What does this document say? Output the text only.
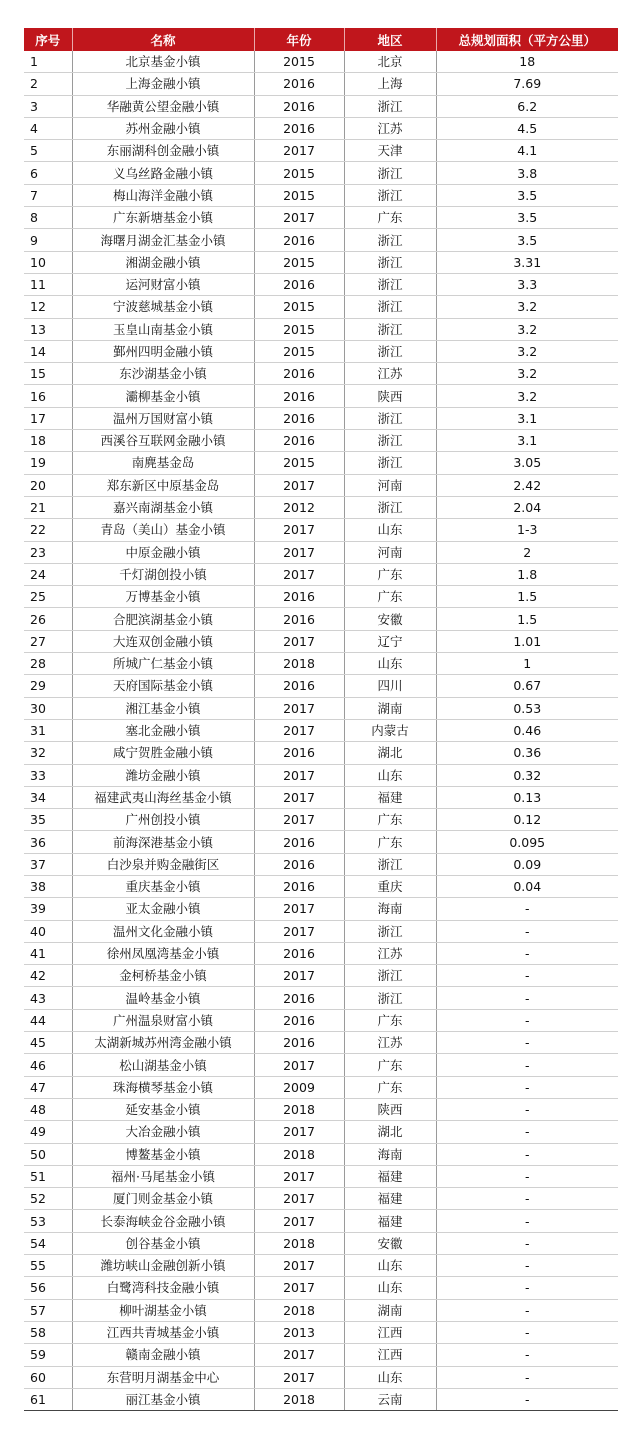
序号	名称	年份	地区	总规划面积（平方公里）
1	北京基金小镇	2015	北京	18
2	上海金融小镇	2016	上海	7.69
3	华融黄公望金融小镇	2016	浙江	6.2
4	苏州金融小镇	2016	江苏	4.5
5	东丽湖科创金融小镇	2017	天津	4.1
6	义乌丝路金融小镇	2015	浙江	3.8
7	梅山海洋金融小镇	2015	浙江	3.5
8	广东新塘基金小镇	2017	广东	3.5
9	海曙月湖金汇基金小镇	2016	浙江	3.5
10	湘湖金融小镇	2015	浙江	3.31
11	运河财富小镇	2016	浙江	3.3
12	宁波慈城基金小镇	2015	浙江	3.2
13	玉皇山南基金小镇	2015	浙江	3.2
14	鄞州四明金融小镇	2015	浙江	3.2
15	东沙湖基金小镇	2016	江苏	3.2
16	灞柳基金小镇	2016	陕西	3.2
17	温州万国财富小镇	2016	浙江	3.1
18	西溪谷互联网金融小镇	2016	浙江	3.1
19	南麂基金岛	2015	浙江	3.05
20	郑东新区中原基金岛	2017	河南	2.42
21	嘉兴南湖基金小镇	2012	浙江	2.04
22	青岛（美山）基金小镇	2017	山东	1-3
23	中原金融小镇	2017	河南	2
24	千灯湖创投小镇	2017	广东	1.8
25	万博基金小镇	2016	广东	1.5
26	合肥滨湖基金小镇	2016	安徽	1.5
27	大连双创金融小镇	2017	辽宁	1.01
28	所城广仁基金小镇	2018	山东	1
29	天府国际基金小镇	2016	四川	0.67
30	湘江基金小镇	2017	湖南	0.53
31	塞北金融小镇	2017	内蒙古	0.46
32	咸宁贺胜金融小镇	2016	湖北	0.36
33	潍坊金融小镇	2017	山东	0.32
34	福建武夷山海丝基金小镇	2017	福建	0.13
35	广州创投小镇	2017	广东	0.12
36	前海深港基金小镇	2016	广东	0.095
37	白沙泉并购金融街区	2016	浙江	0.09
38	重庆基金小镇	2016	重庆	0.04
39	亚太金融小镇	2017	海南	-
40	温州文化金融小镇	2017	浙江	-
41	徐州凤凰湾基金小镇	2016	江苏	-
42	金柯桥基金小镇	2017	浙江	-
43	温岭基金小镇	2016	浙江	-
44	广州温泉财富小镇	2016	广东	-
45	太湖新城苏州湾金融小镇	2016	江苏	-
46	松山湖基金小镇	2017	广东	-
47	珠海横琴基金小镇	2009	广东	-
48	延安基金小镇	2018	陕西	-
49	大冶金融小镇	2017	湖北	-
50	博鳌基金小镇	2018	海南	-
51	福州·马尾基金小镇	2017	福建	-
52	厦门则金基金小镇	2017	福建	-
53	长泰海峡金谷金融小镇	2017	福建	-
54	创谷基金小镇	2018	安徽	-
55	潍坊峡山金融创新小镇	2017	山东	-
56	白鹭湾科技金融小镇	2017	山东	-
57	柳叶湖基金小镇	2018	湖南	-
58	江西共青城基金小镇	2013	江西	-
59	赣南金融小镇	2017	江西	-
60	东营明月湖基金中心	2017	山东	-
61	丽江基金小镇	2018	云南	-
